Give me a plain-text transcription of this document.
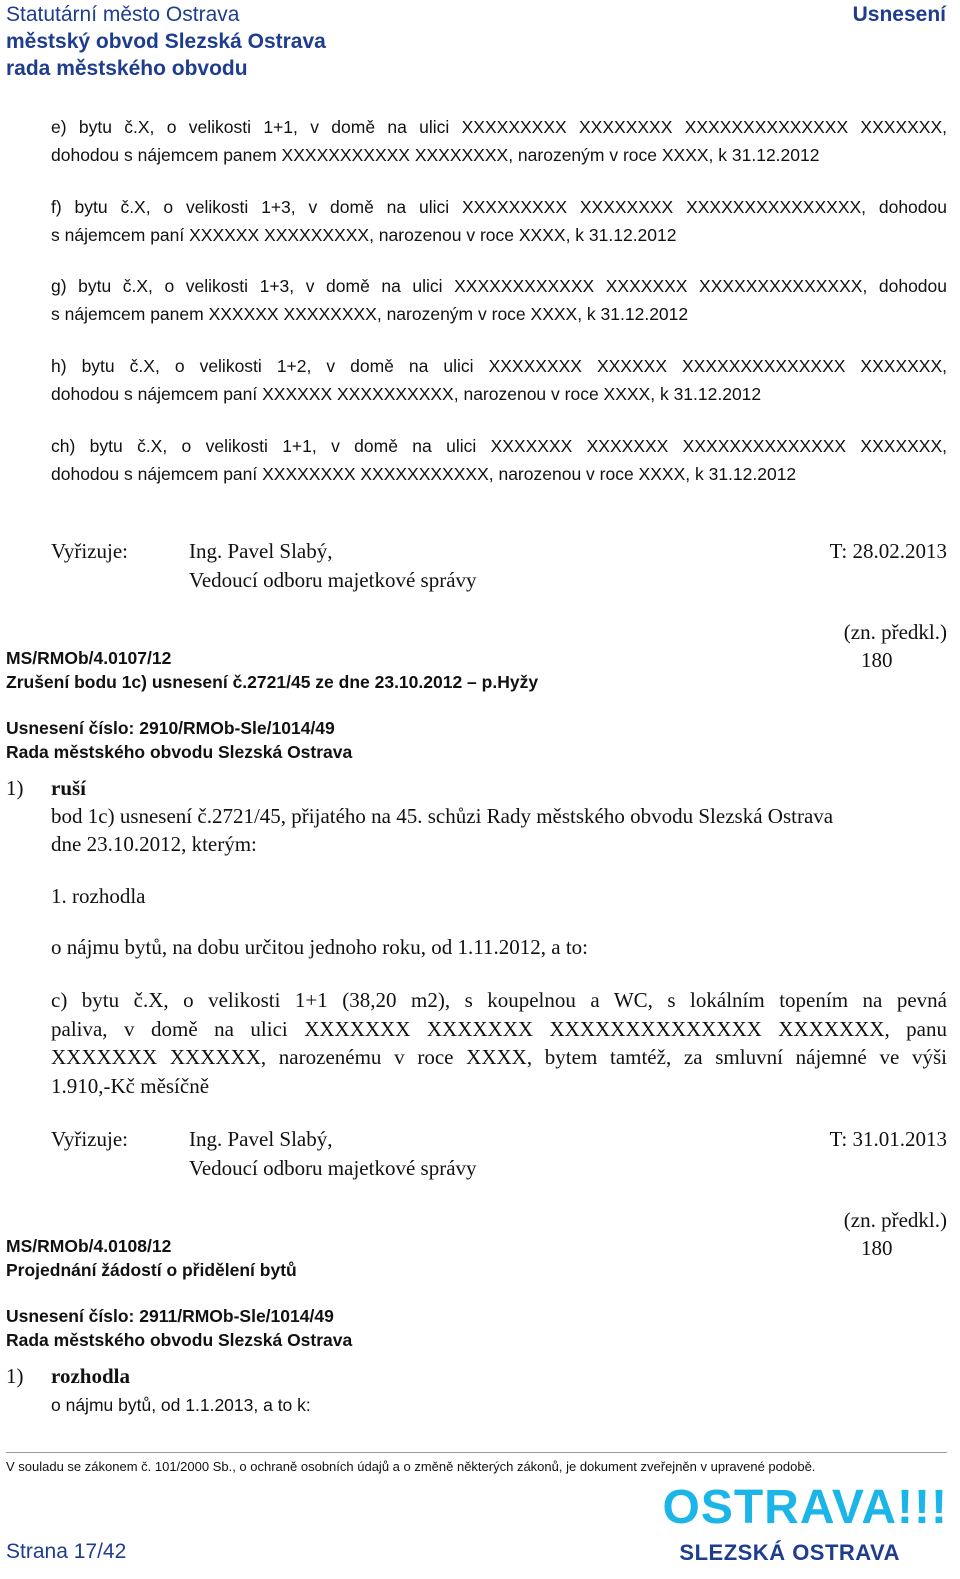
Statutární město Ostrava
městský obvod Slezská Ostrava
rada městského obvodu
Usnesení
e) bytu č.X, o velikosti 1+1, v domě na ulici XXXXXXXXX XXXXXXXX XXXXXXXXXXXXXX XXXXXXX,
dohodou s nájemcem panem XXXXXXXXXXX XXXXXXXX, narozeným v roce XXXX, k 31.12.2012
f) bytu č.X, o velikosti 1+3, v domě na ulici XXXXXXXXX XXXXXXXX XXXXXXXXXXXXXXX, dohodou
s nájemcem paní XXXXXX XXXXXXXXX, narozenou v roce XXXX, k 31.12.2012
g) bytu č.X, o velikosti 1+3, v domě na ulici XXXXXXXXXXXX XXXXXXX XXXXXXXXXXXXXX, dohodou
s nájemcem panem XXXXXX XXXXXXXX, narozeným v roce XXXX, k 31.12.2012
h) bytu č.X, o velikosti 1+2, v domě na ulici XXXXXXXX XXXXXX XXXXXXXXXXXXXX XXXXXXX,
dohodou s nájemcem paní XXXXXX XXXXXXXXXX, narozenou v roce XXXX, k 31.12.2012
ch) bytu č.X, o velikosti 1+1, v domě na ulici XXXXXXX XXXXXXX XXXXXXXXXXXXXX XXXXXXX,
dohodou s nájemcem paní XXXXXXXX XXXXXXXXXXX, narozenou v roce XXXX, k 31.12.2012
Vyřizuje:	Ing. Pavel Slabý,
Vedoucí odboru majetkové správy
T: 28.02.2013
(zn. předkl.)
180
MS/RMOb/4.0107/12
Zrušení bodu 1c) usnesení č.2721/45 ze dne 23.10.2012 – p.Hyžy
Usnesení číslo: 2910/RMOb-Sle/1014/49
Rada městského obvodu Slezská Ostrava
1) ruší
bod 1c) usnesení č.2721/45, přijatého na 45. schůzi Rady městského obvodu Slezská Ostrava
dne 23.10.2012, kterým:
1. rozhodla
o nájmu bytů, na dobu určitou jednoho roku, od 1.11.2012, a to:
c) bytu č.X, o velikosti 1+1 (38,20 m2), s koupelnou a WC, s lokálním topením na pevná
paliva, v domě na ulici XXXXXXX XXXXXXX XXXXXXXXXXXXXX XXXXXXX, panu
XXXXXXX XXXXXX, narozenému v roce XXXX, bytem tamtéž, za smluvní nájemné ve výši
1.910,-Kč měsíčně
Vyřizuje:	Ing. Pavel Slabý,
Vedoucí odboru majetkové správy
T: 31.01.2013
(zn. předkl.)
180
MS/RMOb/4.0108/12
Projednání žádostí o přidělení bytů
Usnesení číslo: 2911/RMOb-Sle/1014/49
Rada městského obvodu Slezská Ostrava
1) rozhodla
o nájmu bytů, od 1.1.2013, a to k:
V souladu se zákonem č. 101/2000 Sb., o ochraně osobních údajů a o změně některých zákonů, je dokument zveřejněn v upravené podobě.
Strana 17/42
OSTRAVA!!!
SLEZSKÁ OSTRAVA
